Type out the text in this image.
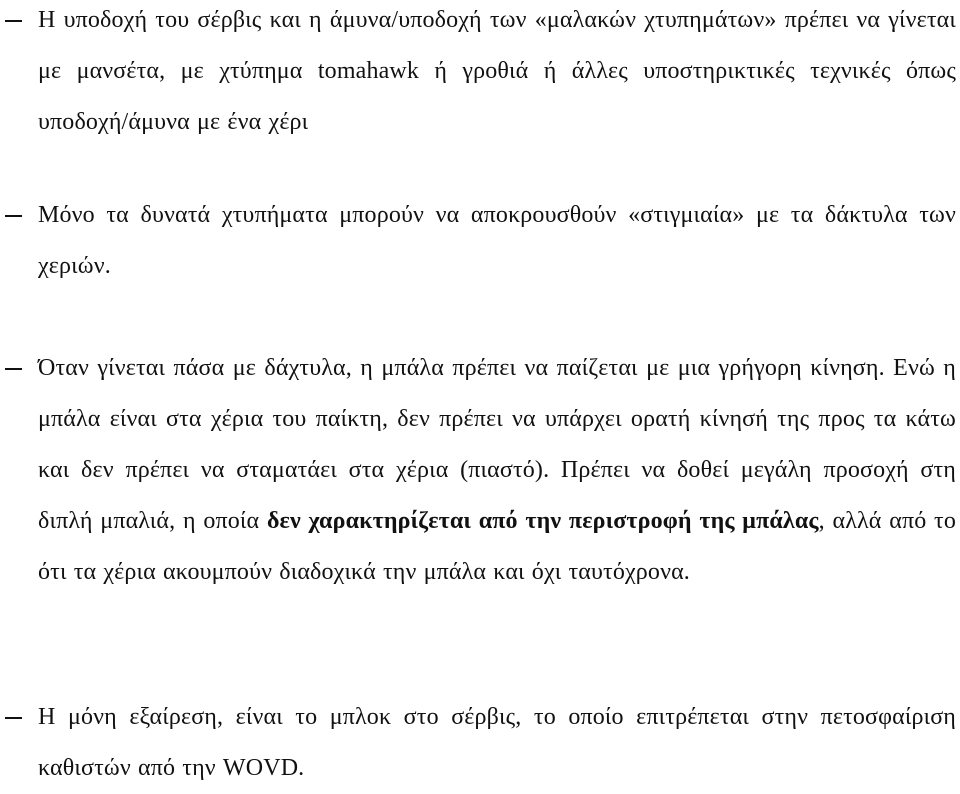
Η υποδοχή του σέρβις και η άμυνα/υποδοχή των «μαλακών χτυπημάτων» πρέπει να γίνεται με μανσέτα, με χτύπημα tomahawk ή γροθιά ή άλλες υποστηρικτικές τεχνικές όπως υποδοχή/άμυνα με ένα χέρι
Μόνο τα δυνατά χτυπήματα μπορούν να αποκρουσθούν «στιγμιαία» με τα δάκτυλα των χεριών.
Όταν γίνεται πάσα με δάχτυλα, η μπάλα πρέπει να παίζεται με μια γρήγορη κίνηση. Ενώ η μπάλα είναι στα χέρια του παίκτη, δεν πρέπει να υπάρχει ορατή κίνησή της προς τα κάτω και δεν πρέπει να σταματάει στα χέρια (πιαστό). Πρέπει να δοθεί μεγάλη προσοχή στη διπλή μπαλιά, η οποία δεν χαρακτηρίζεται από την περιστροφή της μπάλας, αλλά από το ότι τα χέρια ακουμπούν διαδοχικά την μπάλα και όχι ταυτόχρονα.
Η μόνη εξαίρεση, είναι το μπλοκ στο σέρβις, το οποίο επιτρέπεται στην πετοσφαίριση καθιστών από την WOVD.
